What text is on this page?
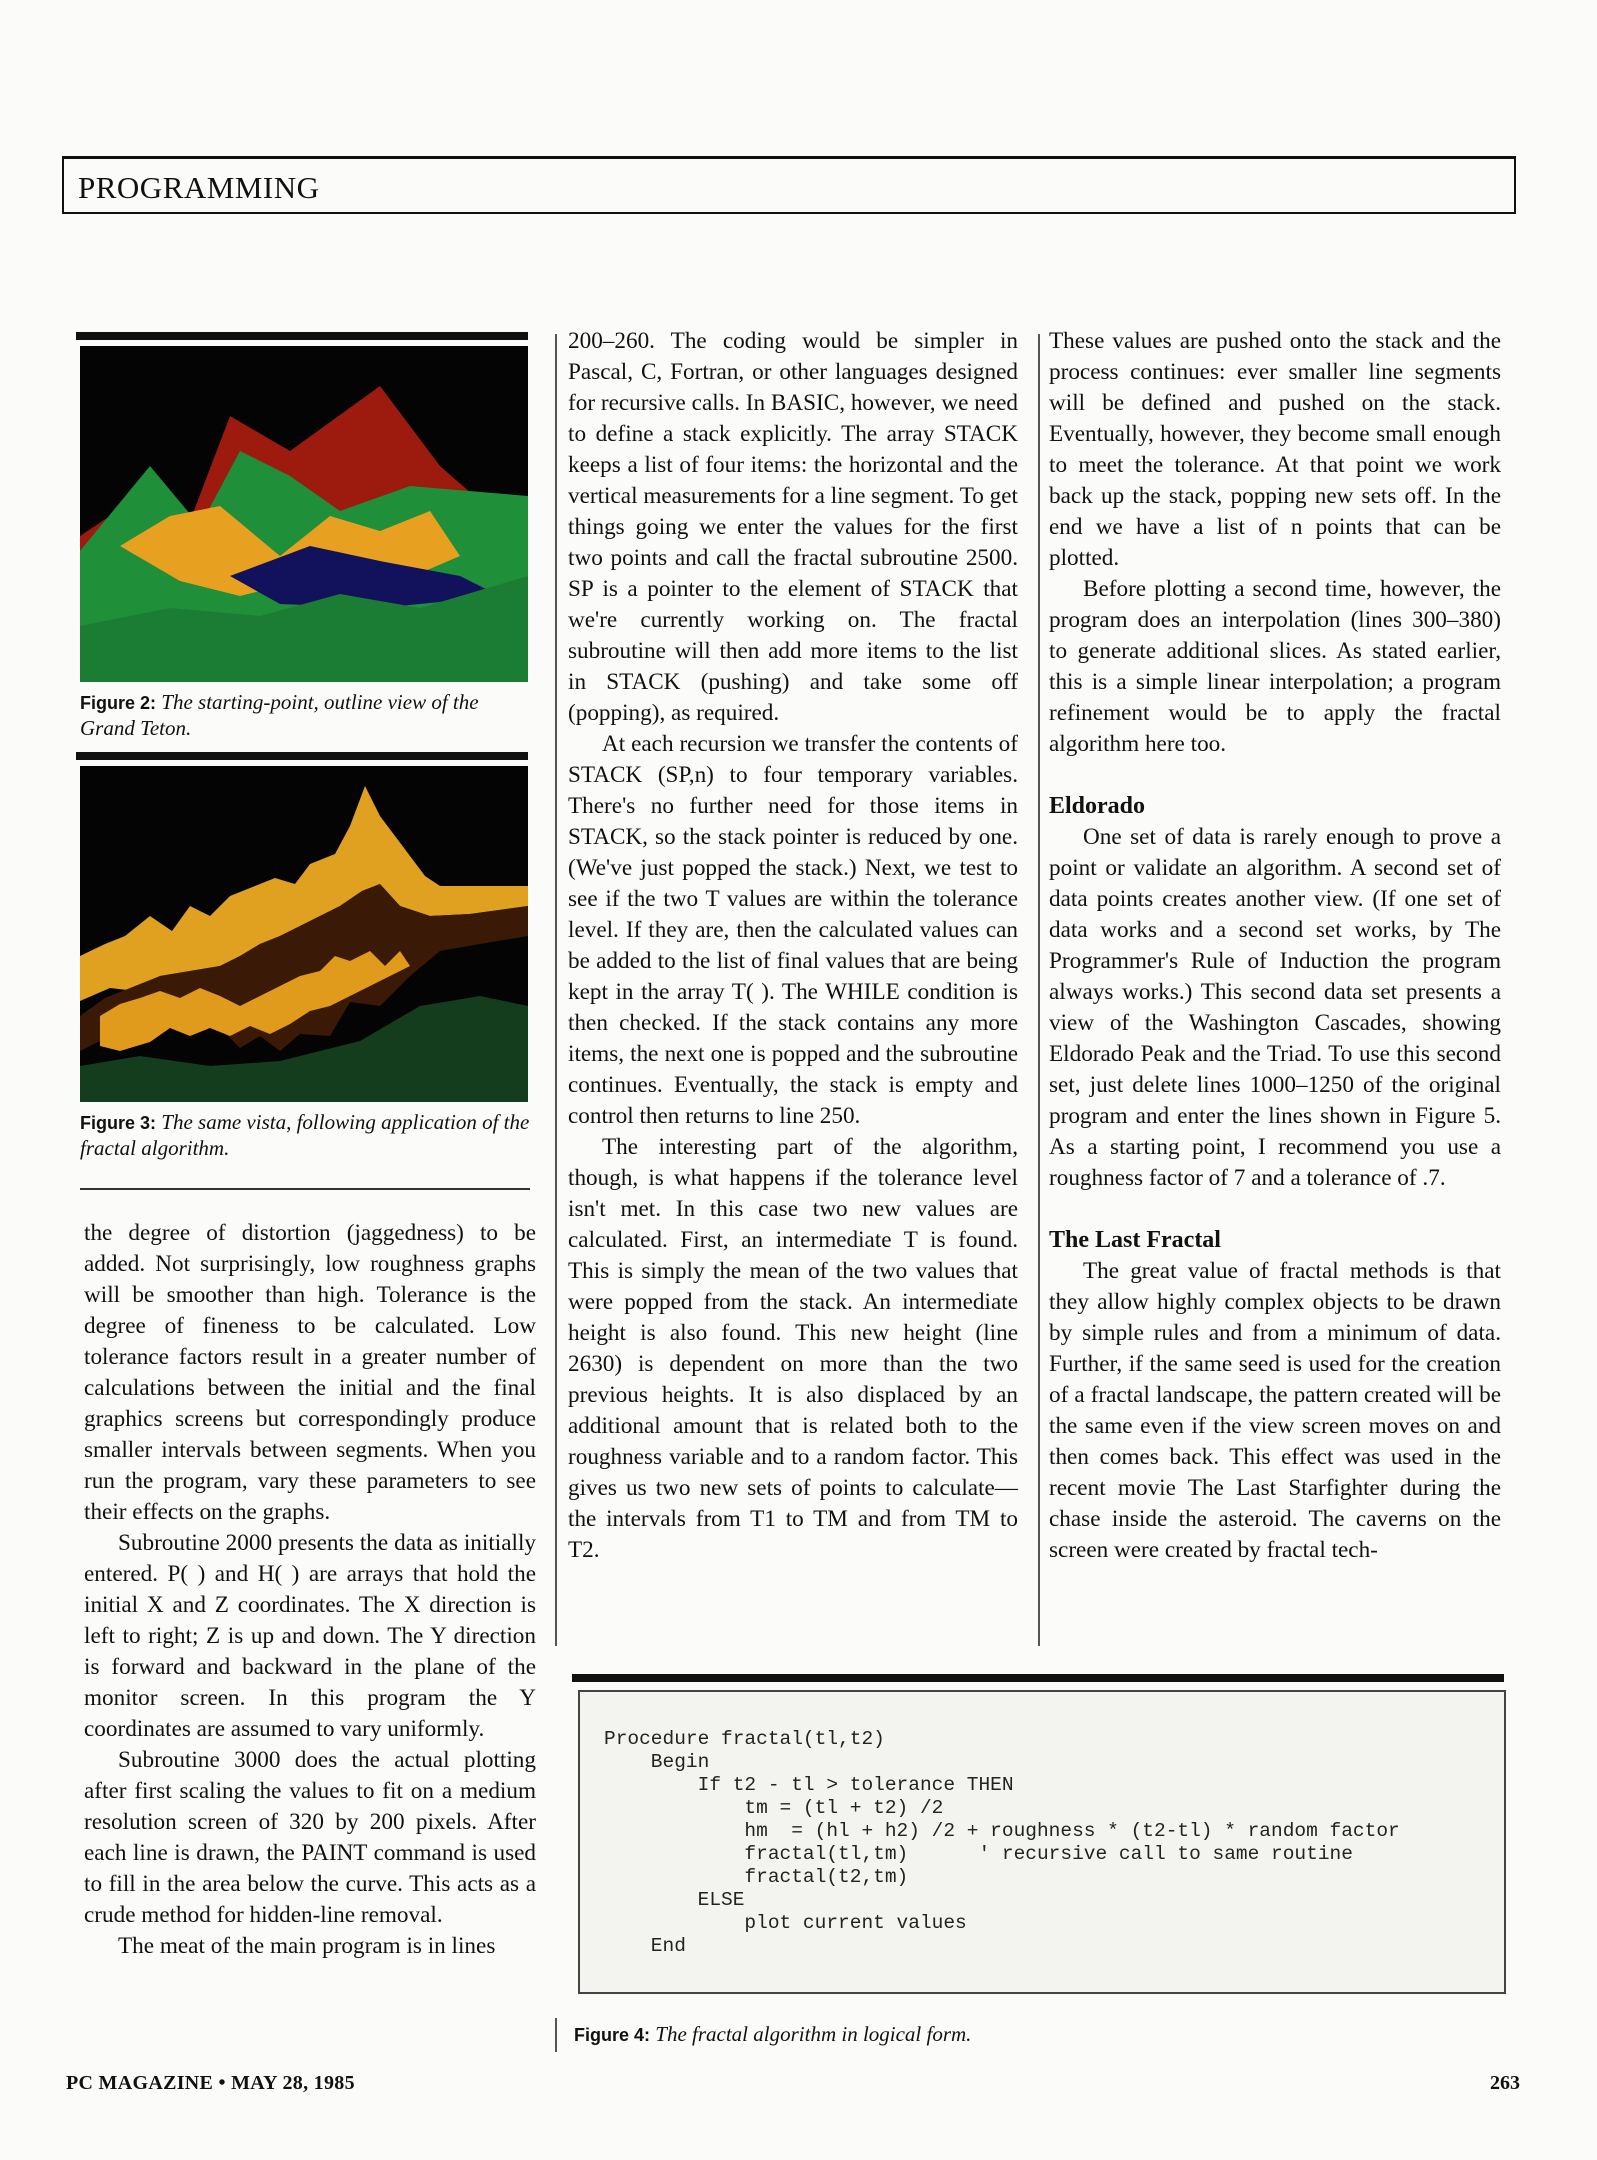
PROGRAMMING
Figure 2: The starting-point, outline view of the Grand Teton.
Figure 3: The same vista, following application of the fractal algorithm.

the degree of distortion (jaggedness) to be added. Not surprisingly, low roughness graphs will be smoother than high. Tolerance is the degree of fineness to be calculated. Low tolerance factors result in a greater number of calculations between the initial and the final graphics screens but correspondingly produce smaller intervals between segments. When you run the program, vary these parameters to see their effects on the graphs.

Subroutine 2000 presents the data as initially entered. P( ) and H( ) are arrays that hold the initial X and Z coordinates. The X direction is left to right; Z is up and down. The Y direction is forward and backward in the plane of the monitor screen. In this program the Y coordinates are assumed to vary uniformly.

Subroutine 3000 does the actual plotting after first scaling the values to fit on a medium resolution screen of 320 by 200 pixels. After each line is drawn, the PAINT command is used to fill in the area below the curve. This acts as a crude method for hidden-line removal.

The meat of the main program is in lines

200–260. The coding would be simpler in Pascal, C, Fortran, or other languages designed for recursive calls. In BASIC, however, we need to define a stack explicitly. The array STACK keeps a list of four items: the horizontal and the vertical measurements for a line segment. To get things going we enter the values for the first two points and call the fractal subroutine 2500. SP is a pointer to the element of STACK that we're currently working on. The fractal subroutine will then add more items to the list in STACK (pushing) and take some off (popping), as required.

At each recursion we transfer the contents of STACK (SP,n) to four temporary variables. There's no further need for those items in STACK, so the stack pointer is reduced by one. (We've just popped the stack.) Next, we test to see if the two T values are within the tolerance level. If they are, then the calculated values can be added to the list of final values that are being kept in the array T( ). The WHILE condition is then checked. If the stack contains any more items, the next one is popped and the subroutine continues. Eventually, the stack is empty and control then returns to line 250.

The interesting part of the algorithm, though, is what happens if the tolerance level isn't met. In this case two new values are calculated. First, an intermediate T is found. This is simply the mean of the two values that were popped from the stack. An intermediate height is also found. This new height (line 2630) is dependent on more than the two previous heights. It is also displaced by an additional amount that is related both to the roughness variable and to a random factor. This gives us two new sets of points to calculate—the intervals from T1 to TM and from TM to T2.

These values are pushed onto the stack and the process continues: ever smaller line segments will be defined and pushed on the stack. Eventually, however, they become small enough to meet the tolerance. At that point we work back up the stack, popping new sets off. In the end we have a list of n points that can be plotted.

Before plotting a second time, however, the program does an interpolation (lines 300–380) to generate additional slices. As stated earlier, this is a simple linear interpolation; a program refinement would be to apply the fractal algorithm here too.

Eldorado

One set of data is rarely enough to prove a point or validate an algorithm. A second set of data points creates another view. (If one set of data works and a second set works, by The Programmer's Rule of Induction the program always works.) This second data set presents a view of the Washington Cascades, showing Eldorado Peak and the Triad. To use this second set, just delete lines 1000–1250 of the original program and enter the lines shown in Figure 5. As a starting point, I recommend you use a roughness factor of 7 and a tolerance of .7.

The Last Fractal

The great value of fractal methods is that they allow highly complex objects to be drawn by simple rules and from a minimum of data. Further, if the same seed is used for the creation of a fractal landscape, the pattern created will be the same even if the view screen moves on and then comes back. This effect was used in the recent movie The Last Starfighter during the chase inside the asteroid. The caverns on the screen were created by fractal tech-

Procedure fractal(tl,t2)
Begin
If t2 - tl > tolerance THEN
tm = (tl + t2) /2
hm  = (hl + h2) /2 + roughness * (t2-tl) * random factor
fractal(tl,tm)      ' recursive call to same routine
fractal(t2,tm)
ELSE
plot current values
End
Figure 4: The fractal algorithm in logical form.
PC MAGAZINE • MAY 28, 1985	263
